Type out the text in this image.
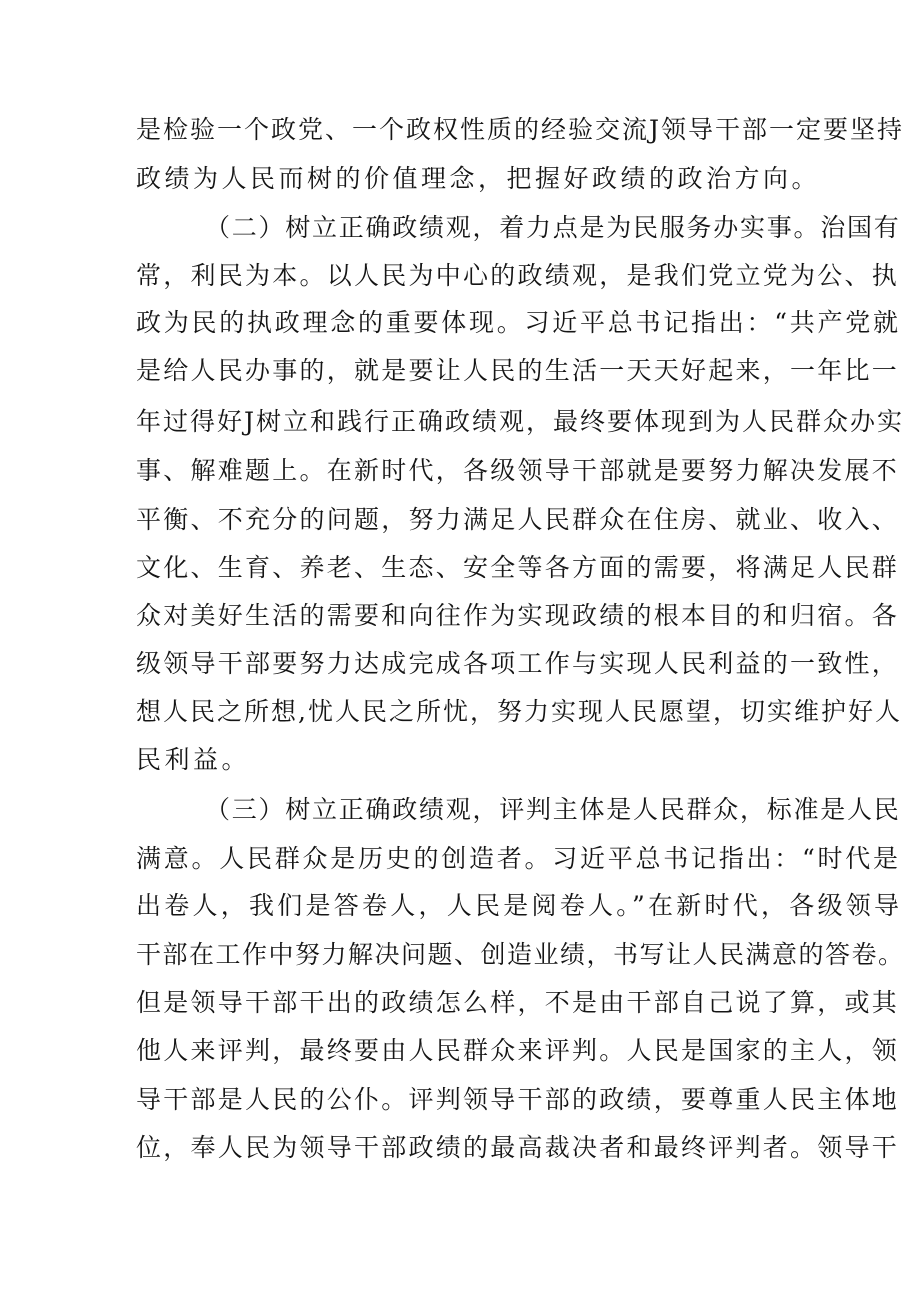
是检验一个政党、一个政权性质的经验交流J领导干部一定要坚持

政绩为人民而树的价值理念，把握好政绩的政治方向。

（二）树立正确政绩观，着力点是为民服务办实事。治国有

常，利民为本。以人民为中心的政绩观，是我们党立党为公、执

政为民的执政理念的重要体现。习近平总书记指出：“共产党就

是给人民办事的，就是要让人民的生活一天天好起来，一年比一

年过得好J树立和践行正确政绩观，最终要体现到为人民群众办实

事、解难题上。在新时代，各级领导干部就是要努力解决发展不

平衡、不充分的问题，努力满足人民群众在住房、就业、收入、

文化、生育、养老、生态、安全等各方面的需要，将满足人民群

众对美好生活的需要和向往作为实现政绩的根本目的和归宿。各

级领导干部要努力达成完成各项工作与实现人民利益的一致性，

想人民之所想,忧人民之所忧，努力实现人民愿望，切实维护好人

民利益。

（三）树立正确政绩观，评判主体是人民群众，标准是人民

满意。人民群众是历史的创造者。习近平总书记指出：“时代是

出卷人，我们是答卷人，人民是阅卷人。”在新时代，各级领导

干部在工作中努力解决问题、创造业绩，书写让人民满意的答卷。

但是领导干部干出的政绩怎么样，不是由干部自己说了算，或其

他人来评判，最终要由人民群众来评判。人民是国家的主人，领

导干部是人民的公仆。评判领导干部的政绩，要尊重人民主体地

位，奉人民为领导干部政绩的最高裁决者和最终评判者。领导干
